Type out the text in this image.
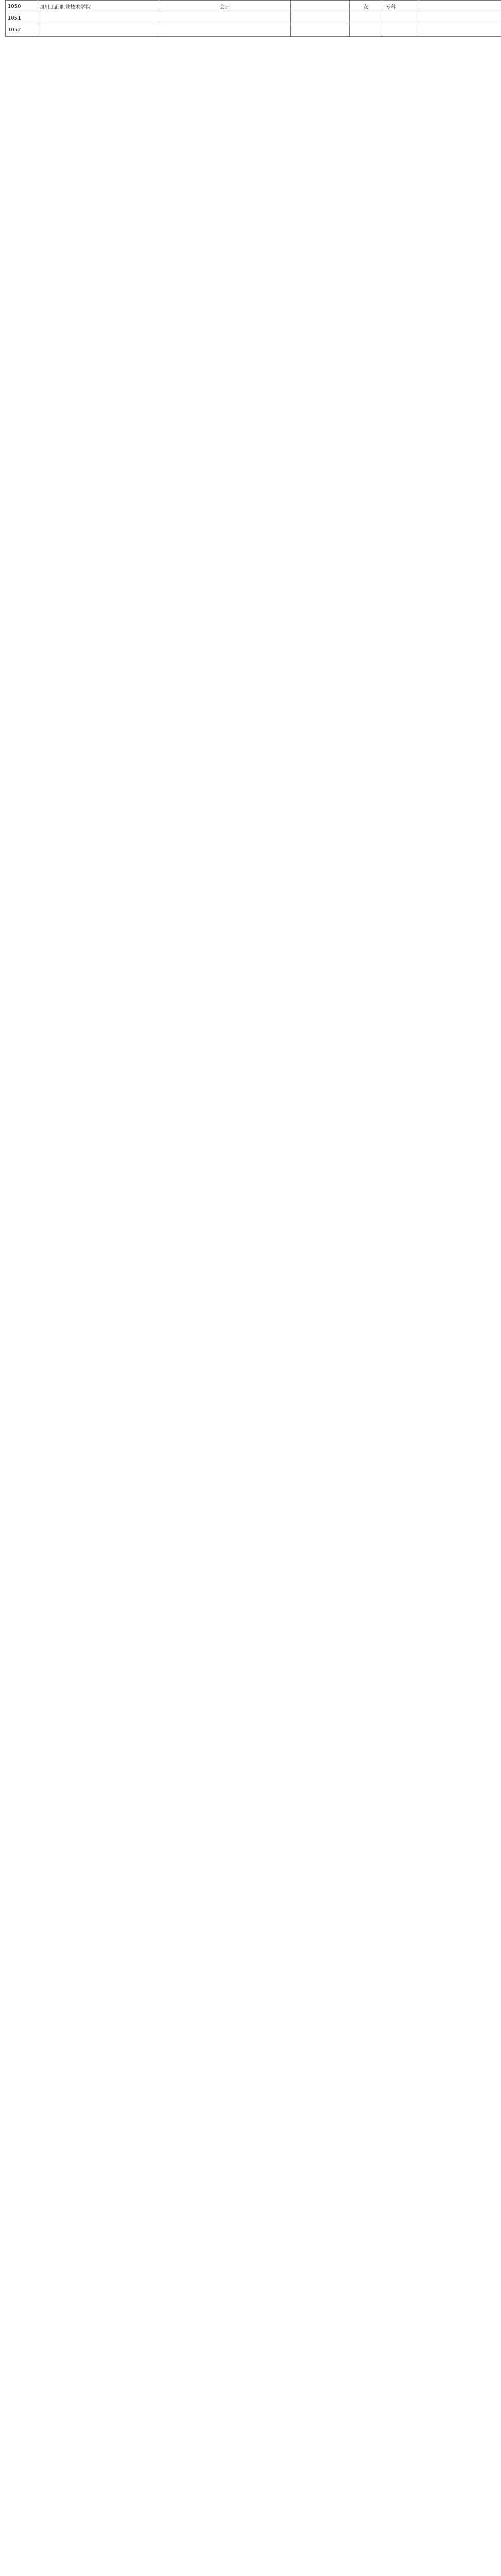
1050	四川工商职业技术学院	会计		女	专科	
1051						
1052						
